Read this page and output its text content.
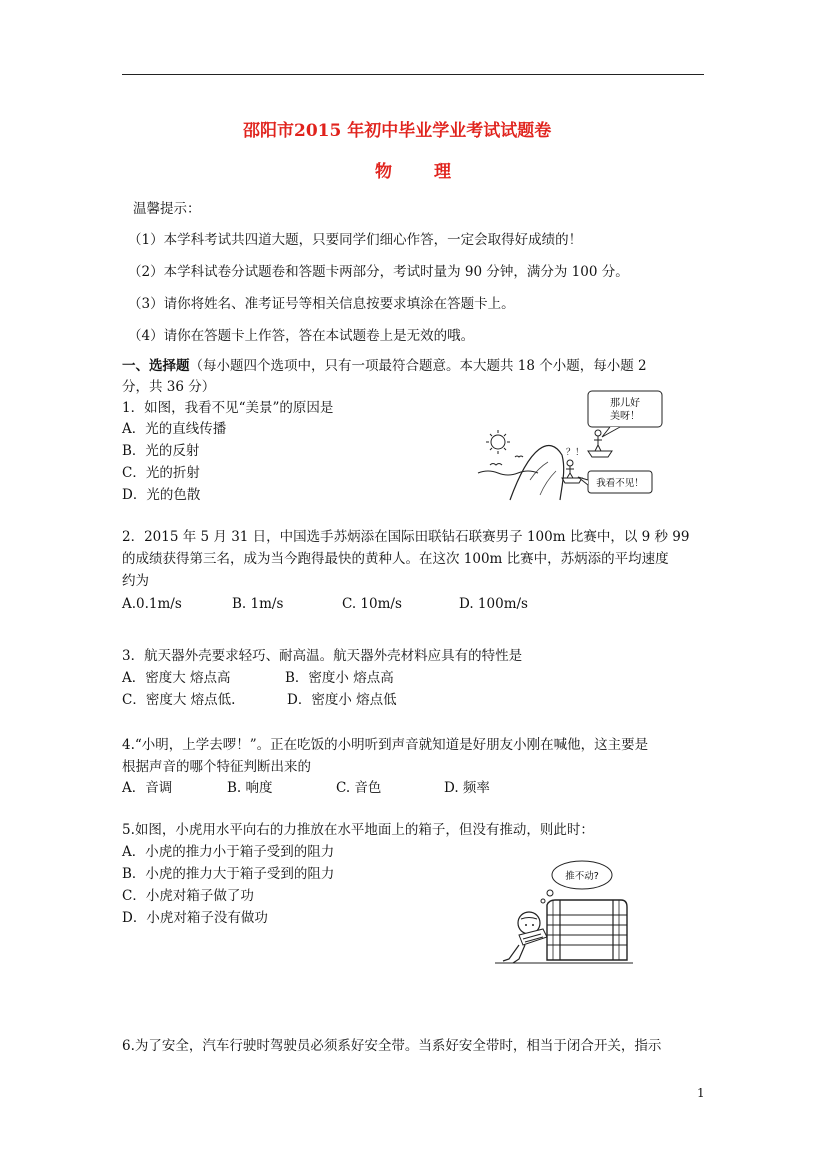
邵阳市2015 年初中毕业学业考试试题卷
物 理
温馨提示：
（1）本学科考试共四道大题，只要同学们细心作答，一定会取得好成绩的！
（2）本学科试卷分试题卷和答题卡两部分，考试时量为 90 分钟，满分为 100 分。
（3）请你将姓名、准考证号等相关信息按要求填涂在答题卡上。
（4）请你在答题卡上作答，答在本试题卷上是无效的哦。
一、选择题（每小题四个选项中，只有一项最符合题意。本大题共 18 个小题，每小题 2
分，共 36 分）
1．如图，我看不见“美景”的原因是
A．光的直线传播
B．光的反射
C．光的折射
D．光的色散
那儿好
美呀！
？！
我看不见！
2．2015 年 5 月 31 日，中国选手苏炳添在国际田联钻石联赛男子 100m 比赛中，以 9 秒 99
的成绩获得第三名，成为当今跑得最快的黄种人。在这次 100m 比赛中，苏炳添的平均速度
约为
A.0.1m/s	B. 1m/s	C. 10m/s	D. 100m/s
3．航天器外壳要求轻巧、耐高温。航天器外壳材料应具有的特性是
A．密度大 熔点高	B．密度小 熔点高
C．密度大 熔点低.	D．密度小 熔点低
4.“小明，上学去啰！”。正在吃饭的小明听到声音就知道是好朋友小刚在喊他，这主要是
根据声音的哪个特征判断出来的
A．音调	B. 响度	C. 音色	D. 频率
5.如图，小虎用水平向右的力推放在水平地面上的箱子，但没有推动，则此时：
A．小虎的推力小于箱子受到的阻力
B．小虎的推力大于箱子受到的阻力
C．小虎对箱子做了功
D．小虎对箱子没有做功
推不动?
6.为了安全，汽车行驶时驾驶员必须系好安全带。当系好安全带时，相当于闭合开关，指示
1
